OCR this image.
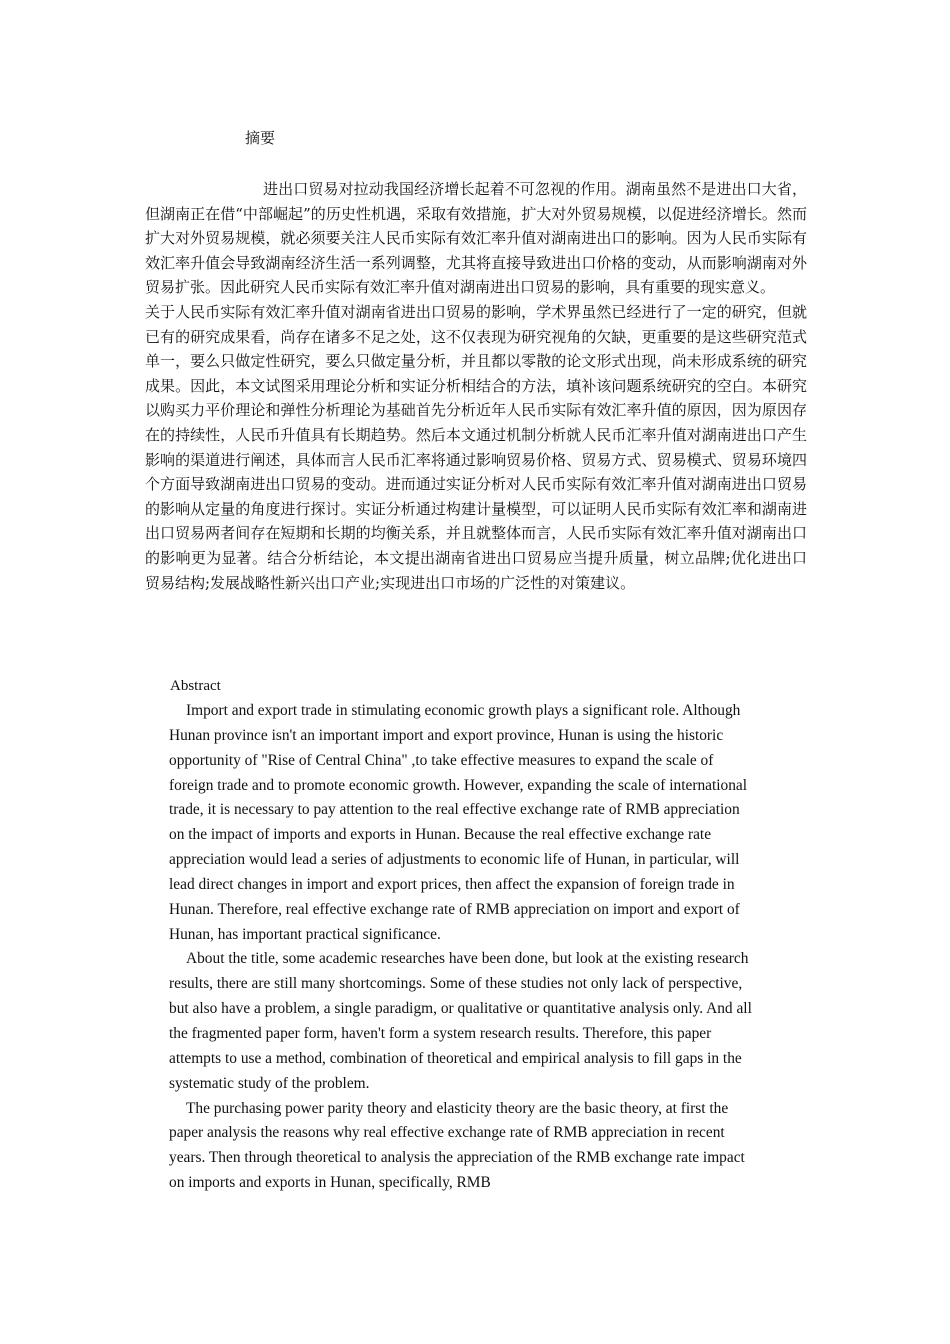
摘要

进出口贸易对拉动我国经济增长起着不可忽视的作用。湖南虽然不是进出口大省，但湖南正在借“中部崛起”的历史性机遇，采取有效措施，扩大对外贸易规模，以促进经济增长。然而扩大对外贸易规模，就必须要关注人民币实际有效汇率升值对湖南进出口的影响。因为人民币实际有效汇率升值会导致湖南经济生活一系列调整，尤其将直接导致进出口价格的变动，从而影响湖南对外贸易扩张。因此研究人民币实际有效汇率升值对湖南进出口贸易的影响，具有重要的现实意义。

关于人民币实际有效汇率升值对湖南省进出口贸易的影响，学术界虽然已经进行了一定的研究，但就已有的研究成果看，尚存在诸多不足之处，这不仅表现为研究视角的欠缺，更重要的是这些研究范式单一，要么只做定性研究，要么只做定量分析，并且都以零散的论文形式出现，尚未形成系统的研究成果。因此，本文试图采用理论分析和实证分析相结合的方法，填补该问题系统研究的空白。本研究以购买力平价理论和弹性分析理论为基础首先分析近年人民币实际有效汇率升值的原因，因为原因存在的持续性，人民币升值具有长期趋势。然后本文通过机制分析就人民币汇率升值对湖南进出口产生影响的渠道进行阐述，具体而言人民币汇率将通过影响贸易价格、贸易方式、贸易模式、贸易环境四个方面导致湖南进出口贸易的变动。进而通过实证分析对人民币实际有效汇率升值对湖南进出口贸易的影响从定量的角度进行探讨。实证分析通过构建计量模型，可以证明人民币实际有效汇率和湖南进出口贸易两者间存在短期和长期的均衡关系，并且就整体而言，人民币实际有效汇率升值对湖南出口的影响更为显著。结合分析结论，本文提出湖南省进出口贸易应当提升质量，树立品牌;优化进出口贸易结构;发展战略性新兴出口产业;实现进出口市场的广泛性的对策建议。

Abstract

Import and export trade in stimulating economic growth plays a significant role. Although Hunan province isn't an important import and export province, Hunan is using the historic opportunity of "Rise of Central China" ,to take effective measures to expand the scale of foreign trade and to promote economic growth. However, expanding the scale of international trade, it is necessary to pay attention to the real effective exchange rate of RMB appreciation on the impact of imports and exports in Hunan. Because the real effective exchange rate appreciation would lead a series of adjustments to economic life of Hunan, in particular, will lead direct changes in import and export prices, then affect the expansion of foreign trade in Hunan. Therefore, real effective exchange rate of RMB appreciation on import and export of Hunan, has important practical significance.

About the title, some academic researches have been done, but look at the existing research results, there are still many shortcomings. Some of these studies not only lack of perspective, but also have a problem, a single paradigm, or qualitative or quantitative analysis only. And all the fragmented paper form, haven't form a system research results. Therefore, this paper attempts to use a method, combination of theoretical and empirical analysis to fill gaps in the systematic study of the problem.

The purchasing power parity theory and elasticity theory are the basic theory, at first the paper analysis the reasons why real effective exchange rate of RMB appreciation in recent years. Then through theoretical to analysis the appreciation of the RMB exchange rate impact on imports and exports in Hunan, specifically, RMB
